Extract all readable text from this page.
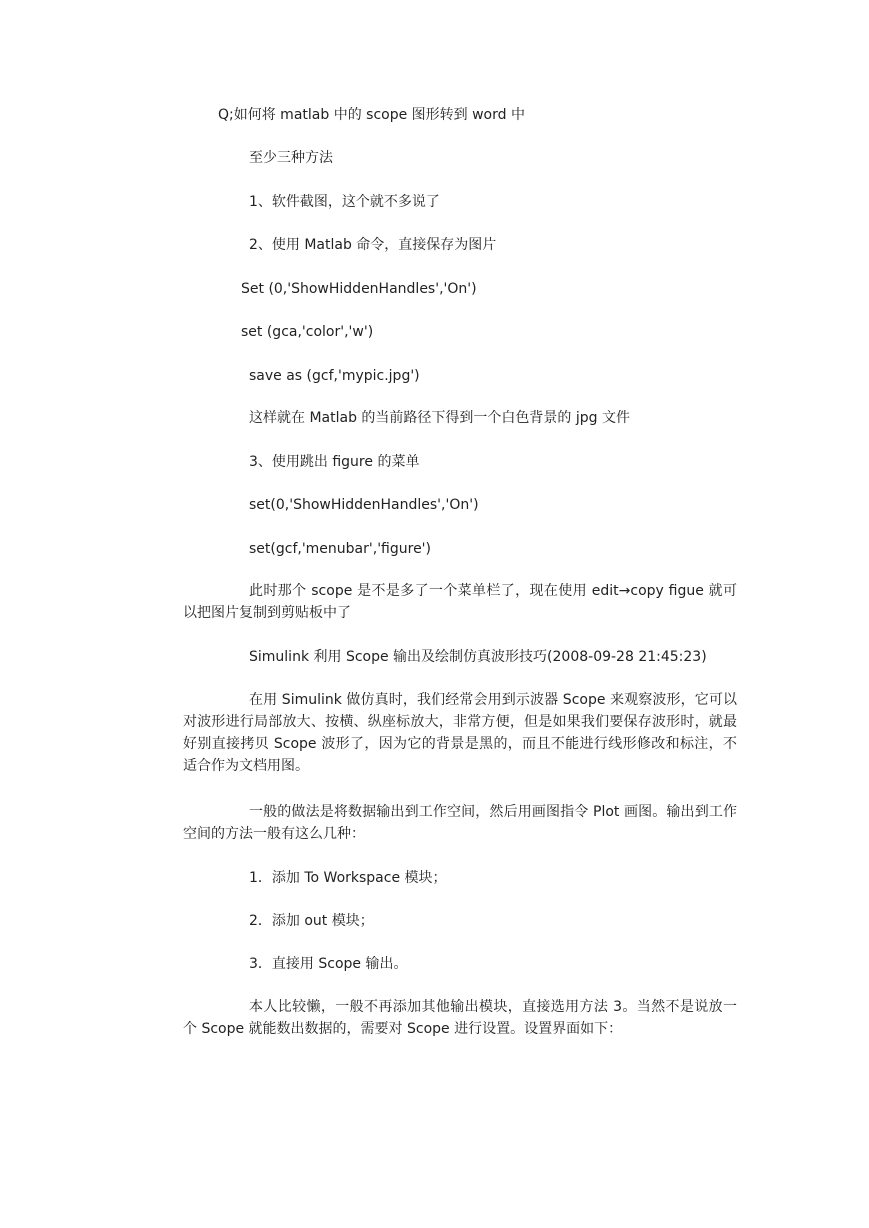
Q;如何将 matlab 中的 scope 图形转到 word 中
至少三种方法
1、软件截图，这个就不多说了
2、使用 Matlab 命令，直接保存为图片
Set (0,'ShowHiddenHandles','On')
set (gca,'color','w')
save as (gcf,'mypic.jpg')
这样就在 Matlab 的当前路径下得到一个白色背景的 jpg 文件
3、使用跳出 figure 的菜单
set(0,'ShowHiddenHandles','On')
set(gcf,'menubar','figure')
此时那个 scope 是不是多了一个菜单栏了，现在使用 edit→copy figue 就可以把图片复制到剪贴板中了
Simulink 利用 Scope 输出及绘制仿真波形技巧(2008-09-28 21:45:23)
在用 Simulink 做仿真时，我们经常会用到示波器 Scope 来观察波形，它可以对波形进行局部放大、按横、纵座标放大，非常方便，但是如果我们要保存波形时，就最好别直接拷贝 Scope 波形了，因为它的背景是黑的，而且不能进行线形修改和标注，不适合作为文档用图。
一般的做法是将数据输出到工作空间，然后用画图指令 Plot 画图。输出到工作空间的方法一般有这么几种：
1．添加 To Workspace 模块；
2．添加 out 模块；
3．直接用 Scope 输出。
本人比较懒，一般不再添加其他输出模块，直接选用方法 3。当然不是说放一个 Scope 就能数出数据的，需要对 Scope 进行设置。设置界面如下：
